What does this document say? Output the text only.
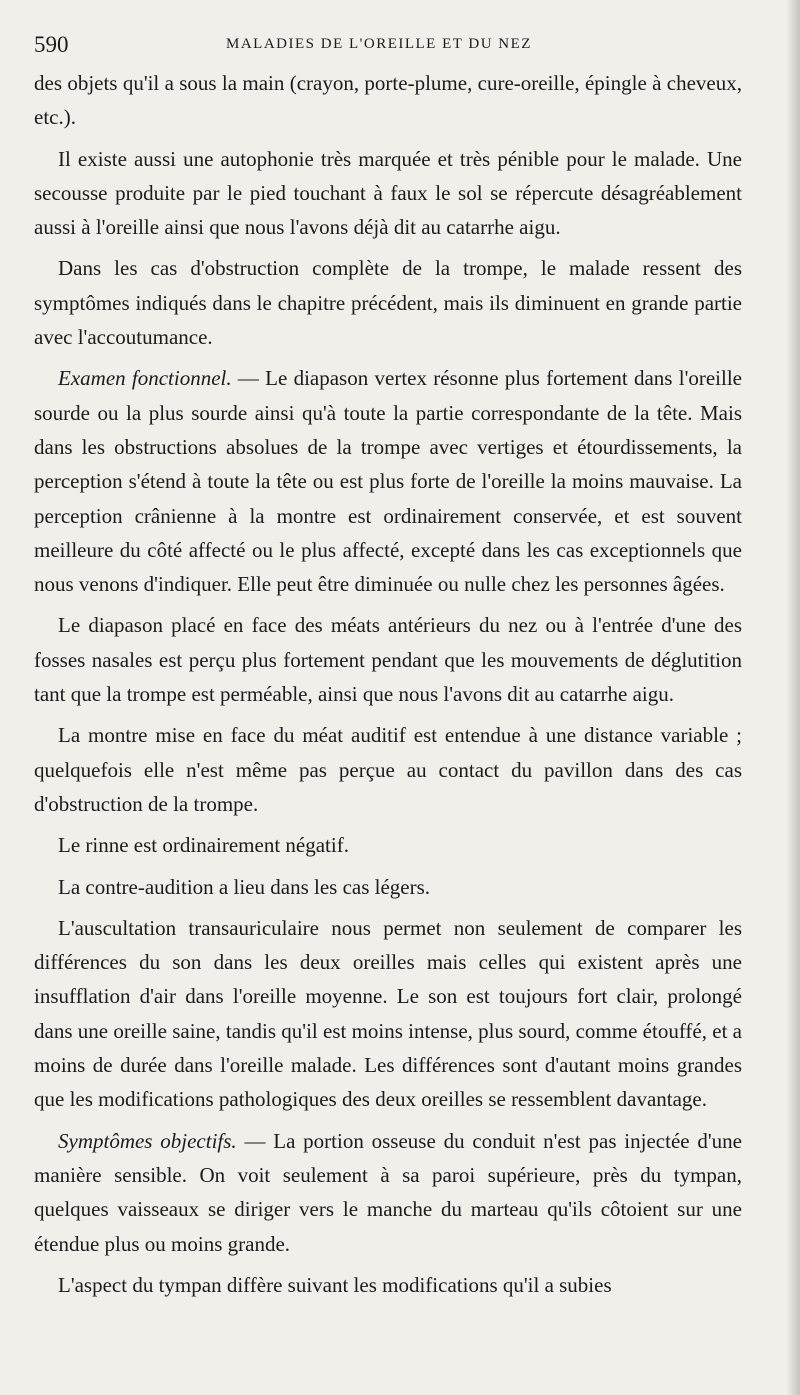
590	MALADIES DE L'OREILLE ET DU NEZ

des objets qu'il a sous la main (crayon, porte-plume, cure-oreille, épingle à cheveux, etc.).

Il existe aussi une autophonie très marquée et très pénible pour le malade. Une secousse produite par le pied touchant à faux le sol se répercute désagréablement aussi à l'oreille ainsi que nous l'avons déjà dit au catarrhe aigu.

Dans les cas d'obstruction complète de la trompe, le malade ressent des symptômes indiqués dans le chapitre précédent, mais ils diminuent en grande partie avec l'accoutumance.

Examen fonctionnel. — Le diapason vertex résonne plus fortement dans l'oreille sourde ou la plus sourde ainsi qu'à toute la partie correspondante de la tête. Mais dans les obstructions absolues de la trompe avec vertiges et étourdissements, la perception s'étend à toute la tête ou est plus forte de l'oreille la moins mauvaise. La perception crânienne à la montre est ordinairement conservée, et est souvent meilleure du côté affecté ou le plus affecté, excepté dans les cas exceptionnels que nous venons d'indiquer. Elle peut être diminuée ou nulle chez les personnes âgées.

Le diapason placé en face des méats antérieurs du nez ou à l'entrée d'une des fosses nasales est perçu plus fortement pendant que les mouvements de déglutition tant que la trompe est perméable, ainsi que nous l'avons dit au catarrhe aigu.

La montre mise en face du méat auditif est entendue à une distance variable ; quelquefois elle n'est même pas perçue au contact du pavillon dans des cas d'obstruction de la trompe.

Le rinne est ordinairement négatif.

La contre-audition a lieu dans les cas légers.

L'auscultation transauriculaire nous permet non seulement de comparer les différences du son dans les deux oreilles mais celles qui existent après une insufflation d'air dans l'oreille moyenne. Le son est toujours fort clair, prolongé dans une oreille saine, tandis qu'il est moins intense, plus sourd, comme étouffé, et a moins de durée dans l'oreille malade. Les différences sont d'autant moins grandes que les modifications pathologiques des deux oreilles se ressemblent davantage.

Symptômes objectifs. — La portion osseuse du conduit n'est pas injectée d'une manière sensible. On voit seulement à sa paroi supérieure, près du tympan, quelques vaisseaux se diriger vers le manche du marteau qu'ils côtoient sur une étendue plus ou moins grande.

L'aspect du tympan diffère suivant les modifications qu'il a subies
